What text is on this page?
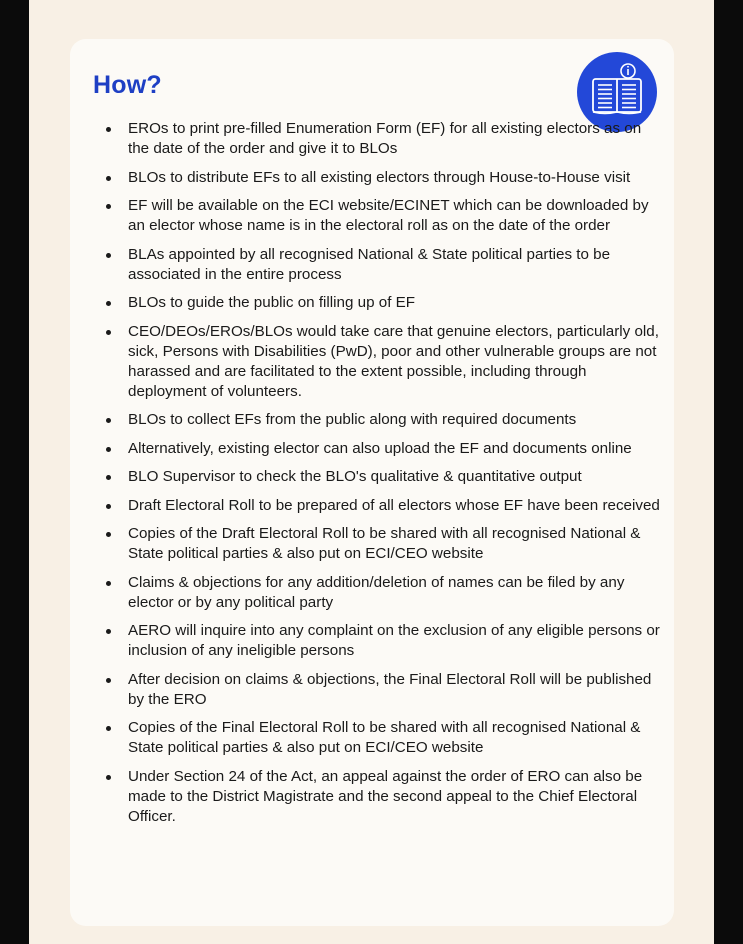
How?
EROs to print pre-filled Enumeration Form (EF) for all existing electors as on the date of the order and give it to BLOs
BLOs to distribute EFs to all existing electors through House-to-House visit
EF will be available on the ECI website/ECINET which can be downloaded by an elector whose name is in the electoral roll as on the date of the order
BLAs appointed by all recognised National & State political parties to be associated in the entire process
BLOs to guide the public on filling up of EF
CEO/DEOs/EROs/BLOs would take care that genuine electors, particularly old, sick, Persons with Disabilities (PwD), poor and other vulnerable groups are not harassed and are facilitated to the extent possible, including through deployment of volunteers.
BLOs to collect EFs from the public along with required documents
Alternatively, existing elector can also upload the EF and documents online
BLO Supervisor to check the BLO's qualitative & quantitative output
Draft Electoral Roll to be prepared of all electors whose EF have been received
Copies of the Draft Electoral Roll to be shared with all recognised National & State political parties & also put on ECI/CEO website
Claims & objections for any addition/deletion of names can be filed by any elector or by any political party
AERO will inquire into any complaint on the exclusion of any eligible persons or inclusion of any ineligible persons
After decision on claims & objections, the Final Electoral Roll will be published by the ERO
Copies of the Final Electoral Roll to be shared with all recognised National & State political parties & also put on ECI/CEO website
Under Section 24 of the Act, an appeal against the order of ERO can also be made to the District Magistrate and the second appeal to the Chief Electoral Officer.
